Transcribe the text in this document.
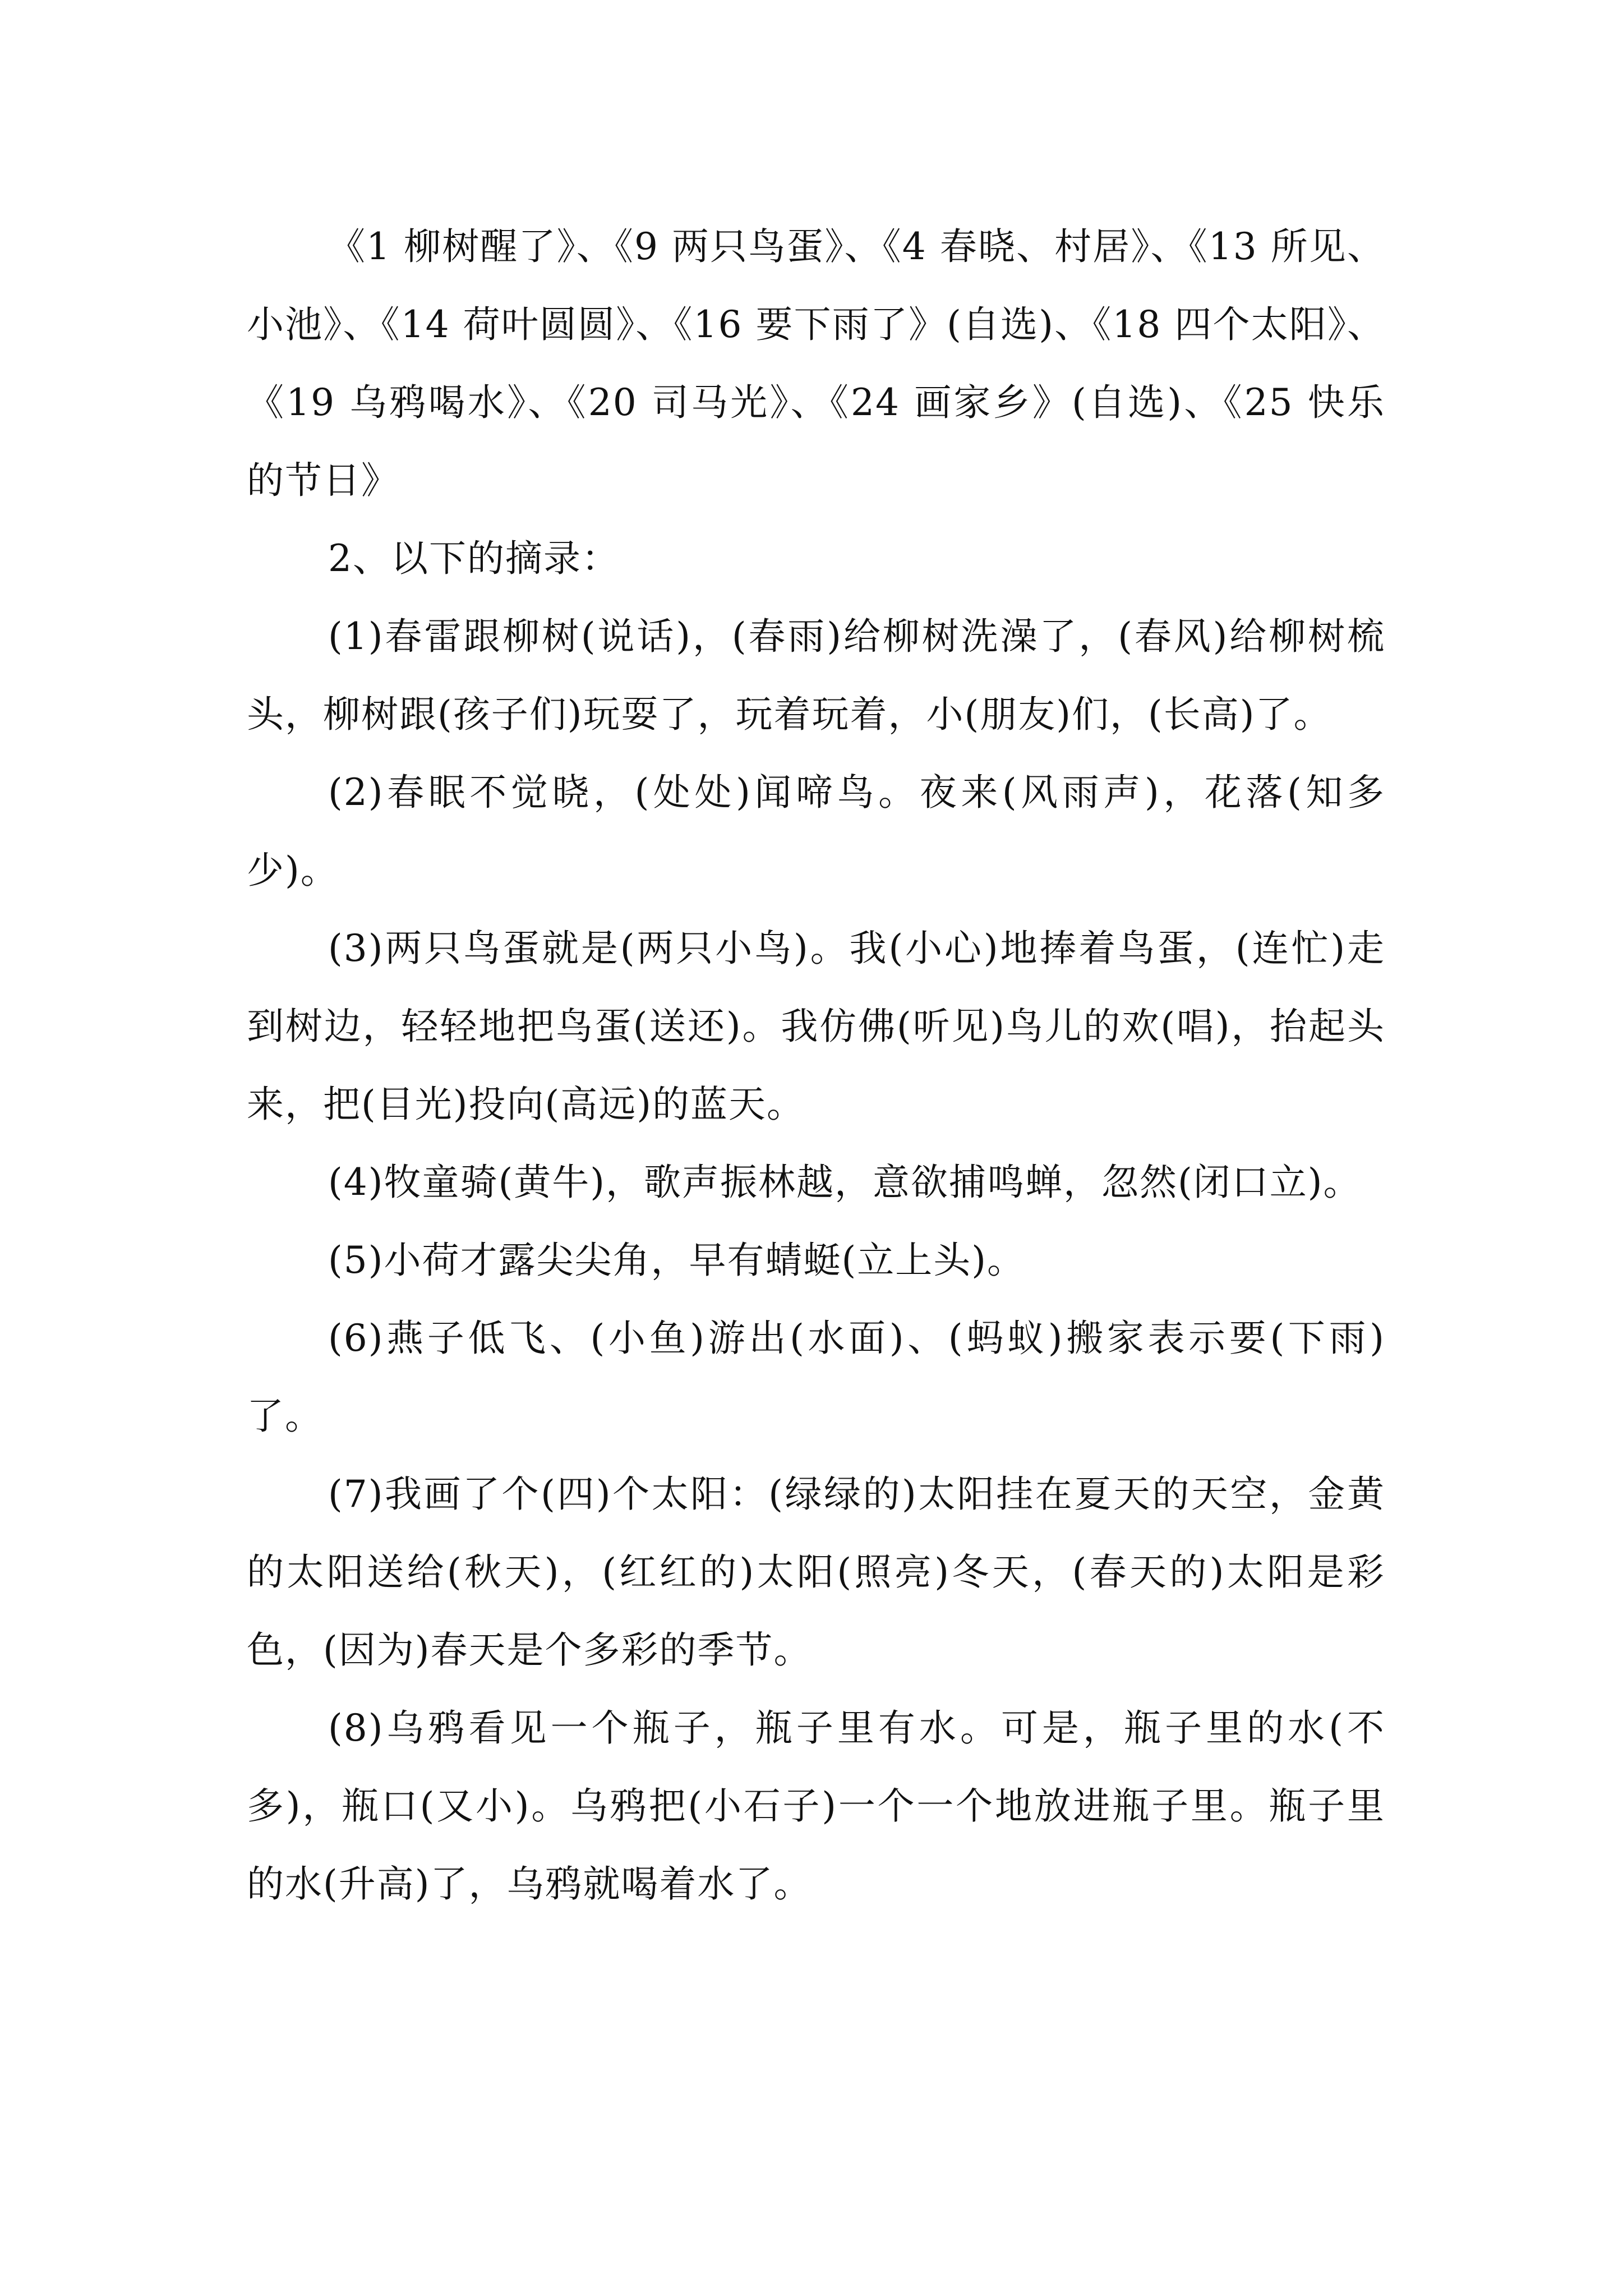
《1 柳树醒了》、《9 两只鸟蛋》、《4 春晓、村居》、《13 所见、小池》、《14 荷叶圆圆》、《16 要下雨了》(自选)、《18 四个太阳》、《19 乌鸦喝水》、《20 司马光》、《24 画家乡》(自选)、《25 快乐的节日》

2、以下的摘录：

(1)春雷跟柳树(说话)，(春雨)给柳树洗澡了，(春风)给柳树梳头，柳树跟(孩子们)玩耍了，玩着玩着，小(朋友)们，(长高)了。

(2)春眠不觉晓，(处处)闻啼鸟。夜来(风雨声)，花落(知多少)。

(3)两只鸟蛋就是(两只小鸟)。我(小心)地捧着鸟蛋，(连忙)走到树边，轻轻地把鸟蛋(送还)。我仿佛(听见)鸟儿的欢(唱)，抬起头来，把(目光)投向(高远)的蓝天。

(4)牧童骑(黄牛)，歌声振林越，意欲捕鸣蝉，忽然(闭口立)。

(5)小荷才露尖尖角，早有蜻蜓(立上头)。

(6)燕子低飞、(小鱼)游出(水面)、(蚂蚁)搬家表示要(下雨)了。

(7)我画了个(四)个太阳：(绿绿的)太阳挂在夏天的天空，金黄的太阳送给(秋天)，(红红的)太阳(照亮)冬天，(春天的)太阳是彩色，(因为)春天是个多彩的季节。

(8)乌鸦看见一个瓶子，瓶子里有水。可是，瓶子里的水(不多)，瓶口(又小)。乌鸦把(小石子)一个一个地放进瓶子里。瓶子里的水(升高)了，乌鸦就喝着水了。
